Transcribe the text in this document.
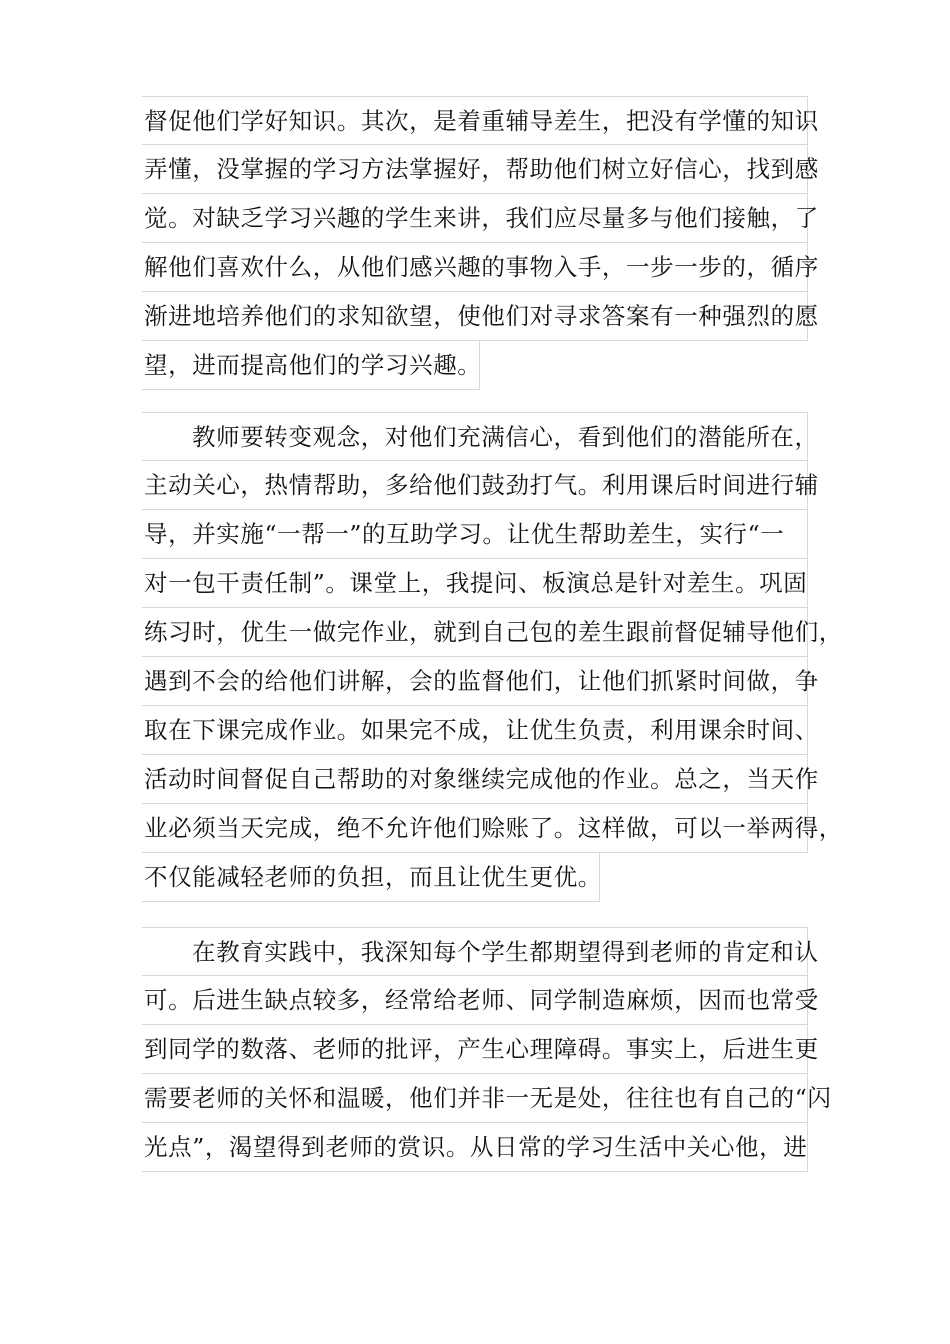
督促他们学好知识。其次，是着重辅导差生，把没有学懂的知识
弄懂，没掌握的学习方法掌握好，帮助他们树立好信心，找到感
觉。对缺乏学习兴趣的学生来讲，我们应尽量多与他们接触，了
解他们喜欢什么，从他们感兴趣的事物入手，一步一步的，循序
渐进地培养他们的求知欲望，使他们对寻求答案有一种强烈的愿
望，进而提高他们的学习兴趣。
教师要转变观念，对他们充满信心，看到他们的潜能所在，
主动关心，热情帮助，多给他们鼓劲打气。利用课后时间进行辅
导，并实施“一帮一”的互助学习。让优生帮助差生，实行“一
对一包干责任制”。课堂上，我提问、板演总是针对差生。巩固
练习时，优生一做完作业，就到自己包的差生跟前督促辅导他们，
遇到不会的给他们讲解，会的监督他们，让他们抓紧时间做，争
取在下课完成作业。如果完不成，让优生负责，利用课余时间、
活动时间督促自己帮助的对象继续完成他的作业。总之，当天作
业必须当天完成，绝不允许他们赊账了。这样做，可以一举两得，
不仅能减轻老师的负担，而且让优生更优。
在教育实践中，我深知每个学生都期望得到老师的肯定和认
可。后进生缺点较多，经常给老师、同学制造麻烦，因而也常受
到同学的数落、老师的批评，产生心理障碍。事实上，后进生更
需要老师的关怀和温暖，他们并非一无是处，往往也有自己的“闪
光点”，渴望得到老师的赏识。从日常的学习生活中关心他，进
